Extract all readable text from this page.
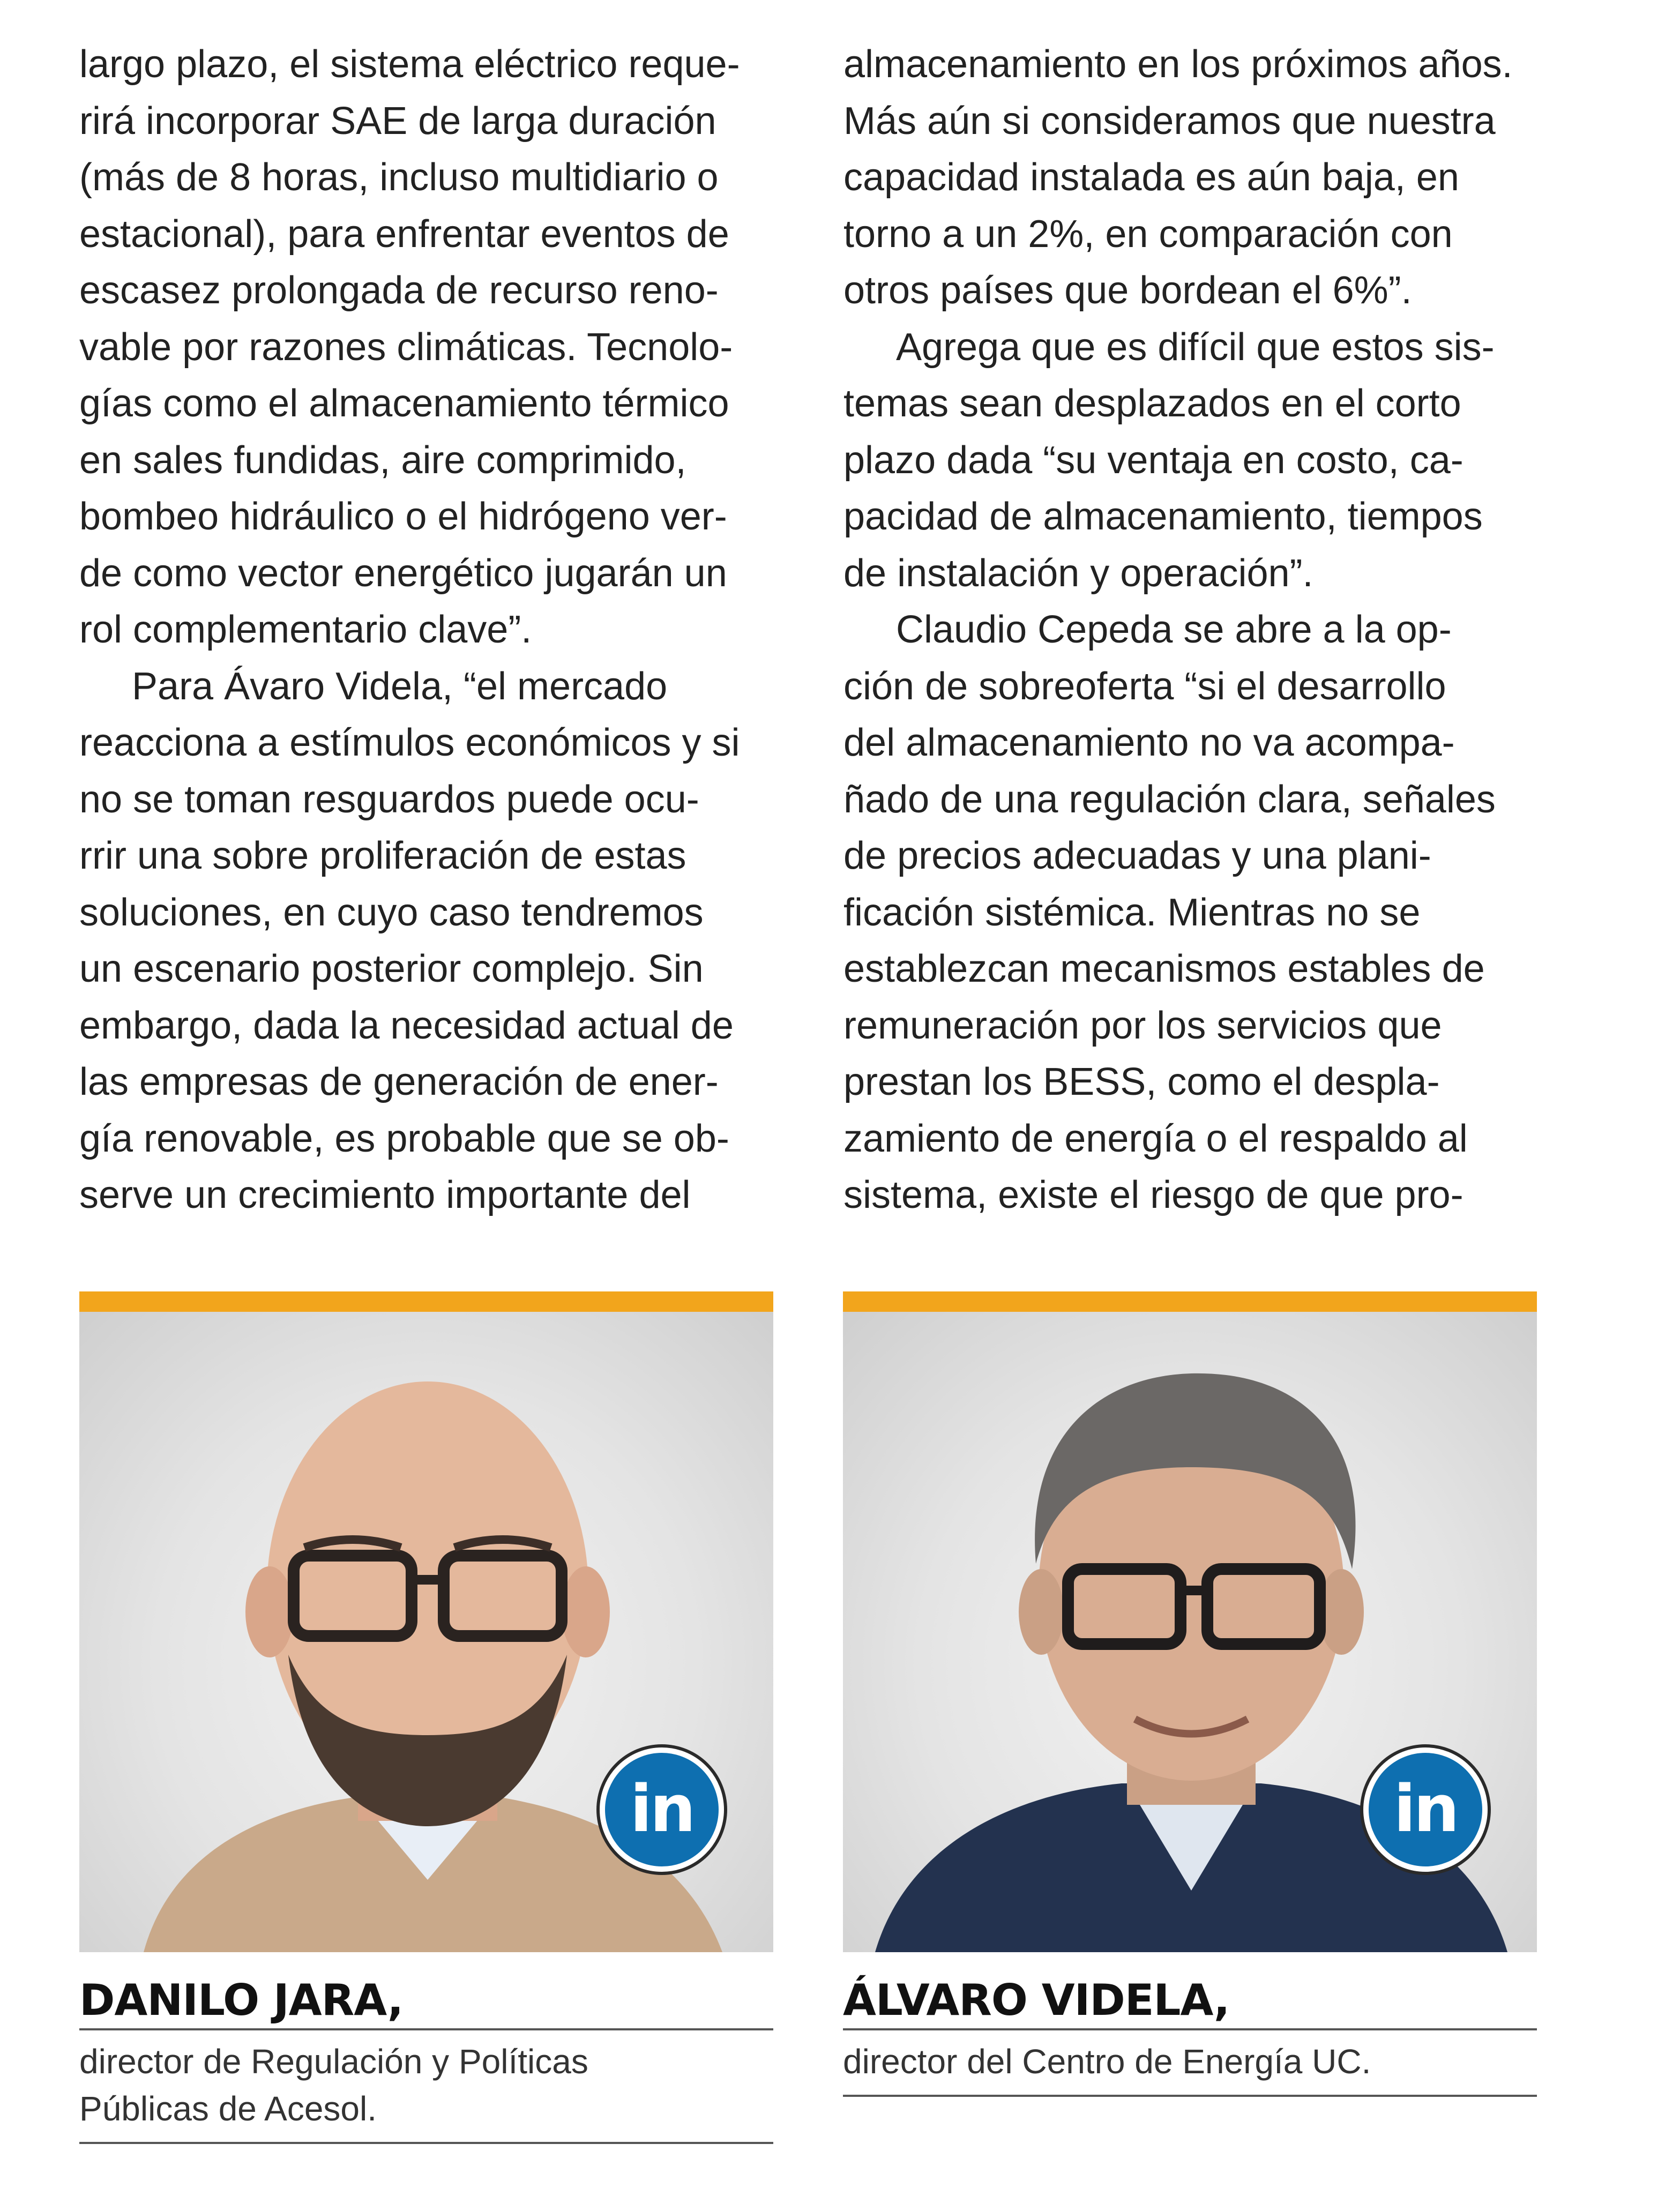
largo plazo, el sistema eléctrico reque-
rirá incorporar SAE de larga duración
(más de 8 horas, incluso multidiario o
estacional), para enfrentar eventos de
escasez prolongada de recurso reno-
vable por razones climáticas. Tecnolo-
gías como el almacenamiento térmico
en sales fundidas, aire comprimido,
bombeo hidráulico o el hidrógeno ver-
de como vector energético jugarán un
rol complementario clave”.
Para Ávaro Videla, “el mercado
reacciona a estímulos económicos y si
no se toman resguardos puede ocu-
rrir una sobre proliferación de estas
soluciones, en cuyo caso tendremos
un escenario posterior complejo. Sin
embargo, dada la necesidad actual de
las empresas de generación de ener-
gía renovable, es probable que se ob-
serve un crecimiento importante del
almacenamiento en los próximos años.
Más aún si consideramos que nuestra
capacidad instalada es aún baja, en
torno a un 2%, en comparación con
otros países que bordean el 6%”.
Agrega que es difícil que estos sis-
temas sean desplazados en el corto
plazo dada “su ventaja en costo, ca-
pacidad de almacenamiento, tiempos
de instalación y operación”.
Claudio Cepeda se abre a la op-
ción de sobreoferta “si el desarrollo
del almacenamiento no va acompa-
ñado de una regulación clara, señales
de precios adecuadas y una plani-
ficación sistémica. Mientras no se
establezcan mecanismos estables de
remuneración por los servicios que
prestan los BESS, como el despla-
zamiento de energía o el respaldo al
sistema, existe el riesgo de que pro-
in
DANILO JARA,
director de Regulación y Políticas
Públicas de Acesol.
in
ÁLVARO VIDELA,
director del Centro de Energía UC.
